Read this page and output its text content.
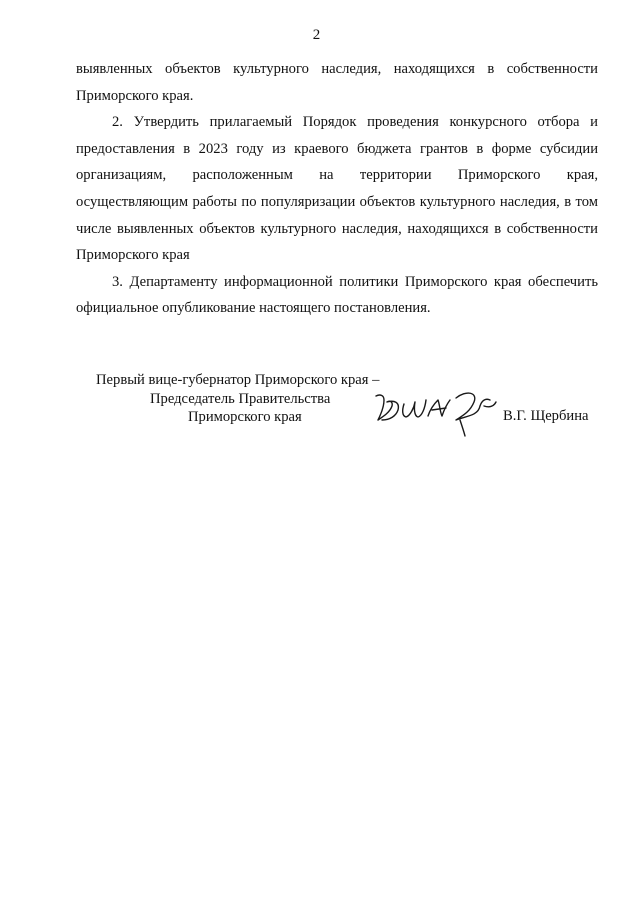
2

выявленных объектов культурного наследия, находящихся в собственности Приморского края.

2. Утвердить прилагаемый Порядок проведения конкурсного отбора и предоставления в 2023 году из краевого бюджета грантов в форме субсидии организациям, расположенным на территории Приморского края, осуществляющим работы по популяризации объектов культурного наследия, в том числе выявленных объектов культурного наследия, находящихся в собственности Приморского края

3. Департаменту информационной политики Приморского края обеспечить официальное опубликование настоящего постановления.

Первый вице-губернатор Приморского края –
Председатель Правительства
Приморского края	В.Г. Щербина
